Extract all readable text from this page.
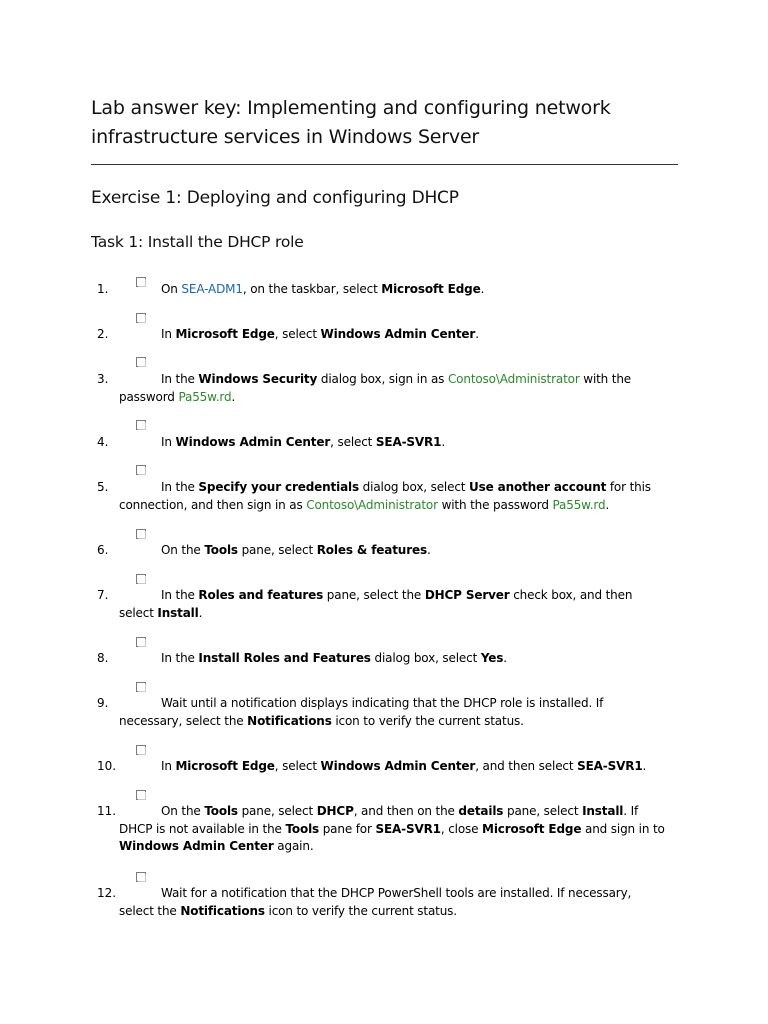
Lab answer key: Implementing and configuring network infrastructure services in Windows Server
Exercise 1: Deploying and configuring DHCP
Task 1: Install the DHCP role
1.	On SEA-ADM1, on the taskbar, select Microsoft Edge.
2.	In Microsoft Edge, select Windows Admin Center.
3.	In the Windows Security dialog box, sign in as Contoso\Administrator with the password Pa55w.rd.
4.	In Windows Admin Center, select SEA-SVR1.
5.	In the Specify your credentials dialog box, select Use another account for this connection, and then sign in as Contoso\Administrator with the password Pa55w.rd.
6.	On the Tools pane, select Roles & features.
7.	In the Roles and features pane, select the DHCP Server check box, and then select Install.
8.	In the Install Roles and Features dialog box, select Yes.
9.	Wait until a notification displays indicating that the DHCP role is installed. If necessary, select the Notifications icon to verify the current status.
10.	In Microsoft Edge, select Windows Admin Center, and then select SEA-SVR1.
11.	On the Tools pane, select DHCP, and then on the details pane, select Install. If DHCP is not available in the Tools pane for SEA-SVR1, close Microsoft Edge and sign in to Windows Admin Center again.
12.	Wait for a notification that the DHCP PowerShell tools are installed. If necessary, select the Notifications icon to verify the current status.
